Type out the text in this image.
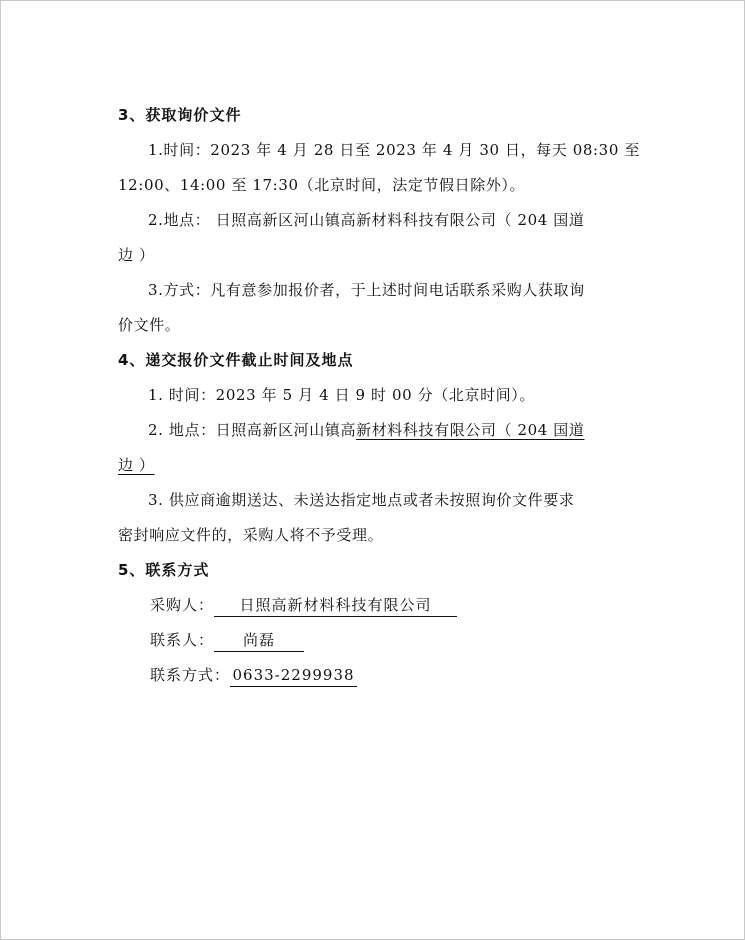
3、获取询价文件
1.时间：2023 年 4 月 28 日至 2023 年 4 月 30 日，每天 08:30 至
12:00、14:00 至 17:30（北京时间，法定节假日除外）。
2.地点： 日照高新区河山镇高新材料科技有限公司（ 204 国道
边 ）
3.方式：凡有意参加报价者，于上述时间电话联系采购人获取询
价文件。
4、递交报价文件截止时间及地点
1. 时间：2023 年 5 月 4 日 9 时 00 分（北京时间）。
2. 地点：日照高新区河山镇高新材料科技有限公司（ 204 国道
边 ）
3. 供应商逾期送达、未送达指定地点或者未按照询价文件要求
密封响应文件的，采购人将不予受理。
5、联系方式
采购人： 日照高新材料科技有限公司
联系人： 尚磊
联系方式： 0633-2299938
